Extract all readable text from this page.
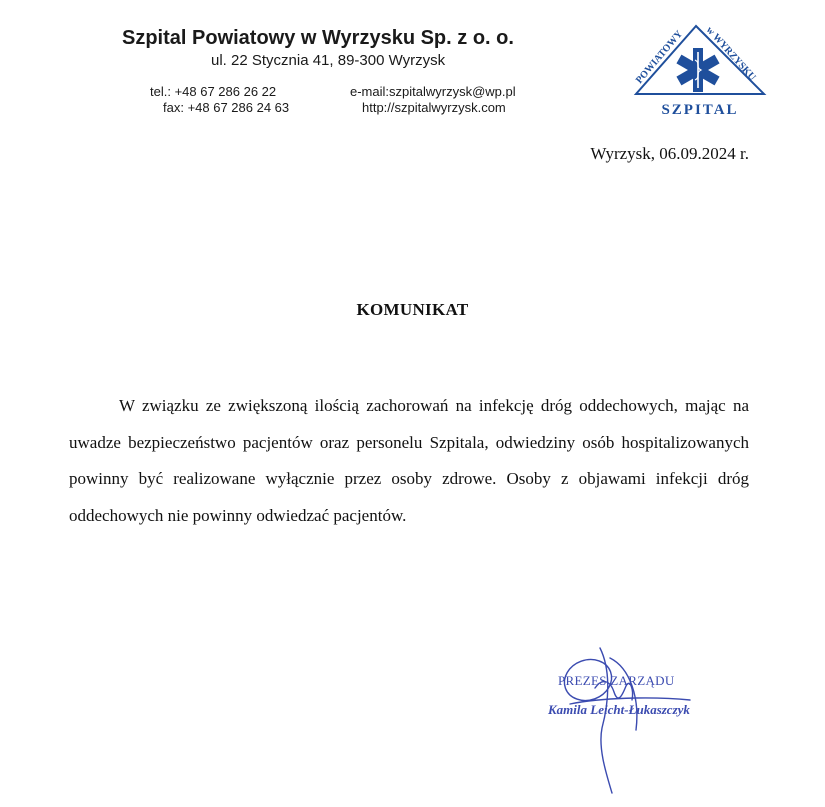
Szpital Powiatowy w Wyrzysku Sp. z o. o.
ul. 22 Stycznia 41, 89-300 Wyrzysk
tel.: +48 67 286 26 22
fax: +48 67 286 24 63
e-mail:szpitalwyrzysk@wp.pl
http://szpitalwyrzysk.com
POWIATOWY w WYRZYSKU
SZPITAL
Wyrzysk, 06.09.2024 r.
KOMUNIKAT

W związku ze zwiększoną ilością zachorowań na infekcję dróg oddechowych, mając na uwadze bezpieczeństwo pacjentów oraz personelu Szpitala, odwiedziny osób hospitalizowanych powinny być realizowane wyłącznie przez osoby zdrowe. Osoby z objawami infekcji dróg oddechowych nie powinny odwiedzać pacjentów.

PREZES ZARZĄDU
Kamila Leicht-Łukaszczyk
